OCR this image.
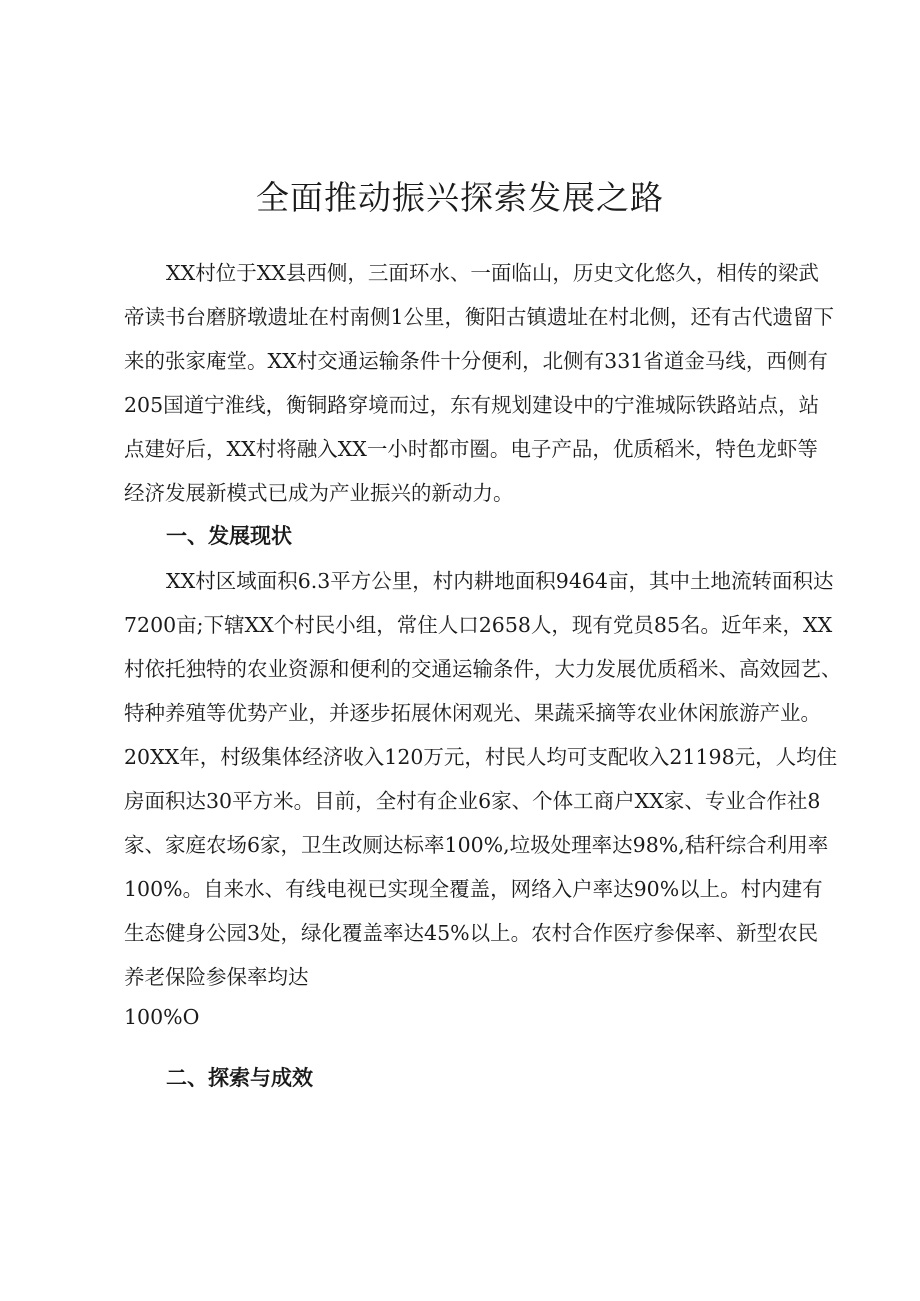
全面推动振兴探索发展之路
XX村位于XX县西侧，三面环水、一面临山，历史文化悠久，相传的梁武
帝读书台磨脐墩遗址在村南侧1公里，衡阳古镇遗址在村北侧，还有古代遗留下
来的张家庵堂。XX村交通运输条件十分便利，北侧有331省道金马线，西侧有
205国道宁淮线，衡铜路穿境而过，东有规划建设中的宁淮城际铁路站点，站
点建好后，XX村将融入XX一小时都市圈。电子产品，优质稻米，特色龙虾等
经济发展新模式已成为产业振兴的新动力。
一、发展现状
XX村区域面积6.3平方公里，村内耕地面积9464亩，其中土地流转面积达
7200亩;下辖XX个村民小组，常住人口2658人，现有党员85名。近年来，XX
村依托独特的农业资源和便利的交通运输条件，大力发展优质稻米、高效园艺、
特种养殖等优势产业，并逐步拓展休闲观光、果蔬采摘等农业休闲旅游产业。
20XX年，村级集体经济收入120万元，村民人均可支配收入21198元，人均住
房面积达30平方米。目前，全村有企业6家、个体工商户XX家、专业合作社8
家、家庭农场6家，卫生改厕达标率100%,垃圾处理率达98%,秸秆综合利用率
100%。自来水、有线电视已实现全覆盖，网络入户率达90%以上。村内建有
生态健身公园3处，绿化覆盖率达45%以上。农村合作医疗参保率、新型农民
养老保险参保率均达
100%O
二、探索与成效
